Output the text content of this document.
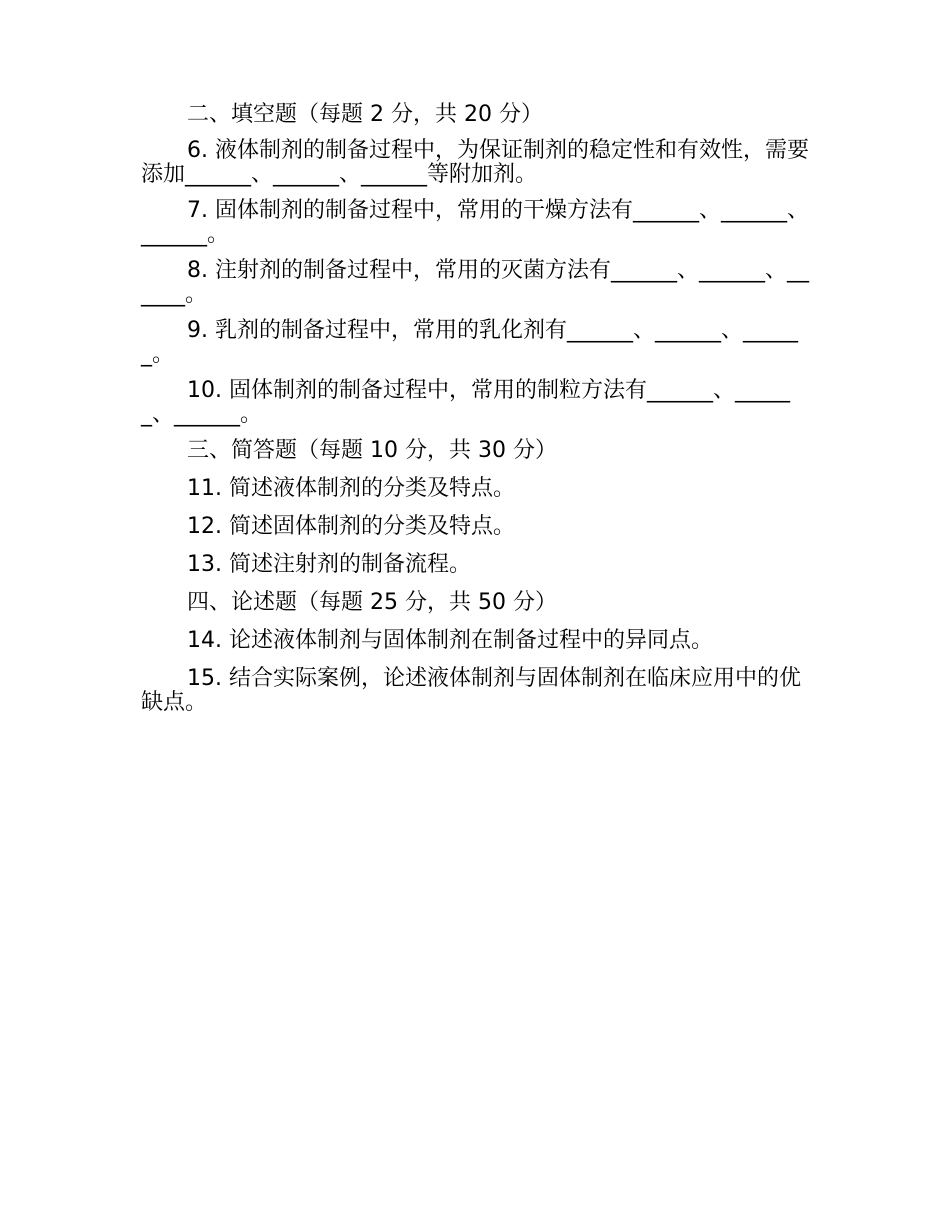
二、填空题（每题 2 分，共 20 分）

6. 液体制剂的制备过程中，为保证制剂的稳定性和有效性，需要添加______、______、______等附加剂。

7. 固体制剂的制备过程中，常用的干燥方法有______、______、______。

8. 注射剂的制备过程中，常用的灭菌方法有______、______、______。

9. 乳剂的制备过程中，常用的乳化剂有______、______、______。

10. 固体制剂的制备过程中，常用的制粒方法有______、______、______。

三、简答题（每题 10 分，共 30 分）

11. 简述液体制剂的分类及特点。

12. 简述固体制剂的分类及特点。

13. 简述注射剂的制备流程。

四、论述题（每题 25 分，共 50 分）

14. 论述液体制剂与固体制剂在制备过程中的异同点。

15. 结合实际案例，论述液体制剂与固体制剂在临床应用中的优缺点。
